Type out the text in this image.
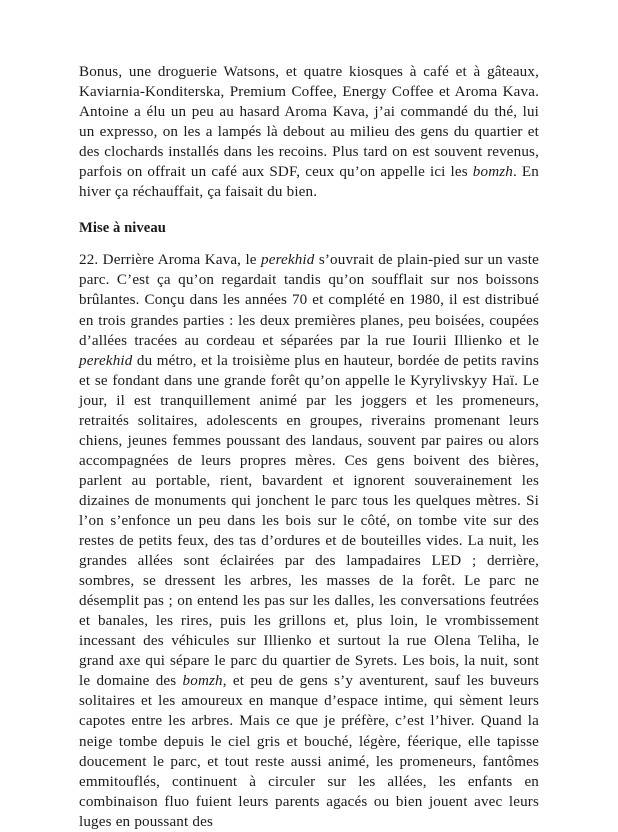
Bonus, une droguerie Watsons, et quatre kiosques à café et à gâteaux, Kaviarnia-Konditerska, Premium Coffee, Energy Coffee et Aroma Kava. Antoine a élu un peu au hasard Aroma Kava, j’ai commandé du thé, lui un expresso, on les a lampés là debout au milieu des gens du quartier et des clochards installés dans les recoins. Plus tard on est souvent revenus, parfois on offrait un café aux SDF, ceux qu’on appelle ici les bomzh. En hiver ça réchauffait, ça faisait du bien.

Mise à niveau

22. Derrière Aroma Kava, le perekhid s’ouvrait de plain-pied sur un vaste parc. C’est ça qu’on regardait tandis qu’on soufflait sur nos boissons brûlantes. Conçu dans les années 70 et complété en 1980, il est distribué en trois grandes parties : les deux premières planes, peu boisées, coupées d’allées tracées au cordeau et séparées par la rue Iourii Illienko et le perekhid du métro, et la troisième plus en hauteur, bordée de petits ravins et se fondant dans une grande forêt qu’on appelle le Kyrylivskyy Haï. Le jour, il est tranquillement animé par les joggers et les promeneurs, retraités solitaires, adolescents en groupes, riverains promenant leurs chiens, jeunes femmes poussant des landaus, souvent par paires ou alors accompagnées de leurs propres mères. Ces gens boivent des bières, parlent au portable, rient, bavardent et ignorent souverainement les dizaines de monuments qui jonchent le parc tous les quelques mètres. Si l’on s’enfonce un peu dans les bois sur le côté, on tombe vite sur des restes de petits feux, des tas d’ordures et de bouteilles vides. La nuit, les grandes allées sont éclairées par des lampadaires LED ; derrière, sombres, se dressent les arbres, les masses de la forêt. Le parc ne désemplit pas ; on entend les pas sur les dalles, les conversations feutrées et banales, les rires, puis les grillons et, plus loin, le vrombissement incessant des véhicules sur Illienko et surtout la rue Olena Teliha, le grand axe qui sépare le parc du quartier de Syrets. Les bois, la nuit, sont le domaine des bomzh, et peu de gens s’y aventurent, sauf les buveurs solitaires et les amoureux en manque d’espace intime, qui sèment leurs capotes entre les arbres. Mais ce que je préfère, c’est l’hiver. Quand la neige tombe depuis le ciel gris et bouché, légère, féerique, elle tapisse doucement le parc, et tout reste aussi animé, les promeneurs, fantômes emmitouflés, continuent à circuler sur les allées, les enfants en combinaison fluo fuient leurs parents agacés ou bien jouent avec leurs luges en poussant des
